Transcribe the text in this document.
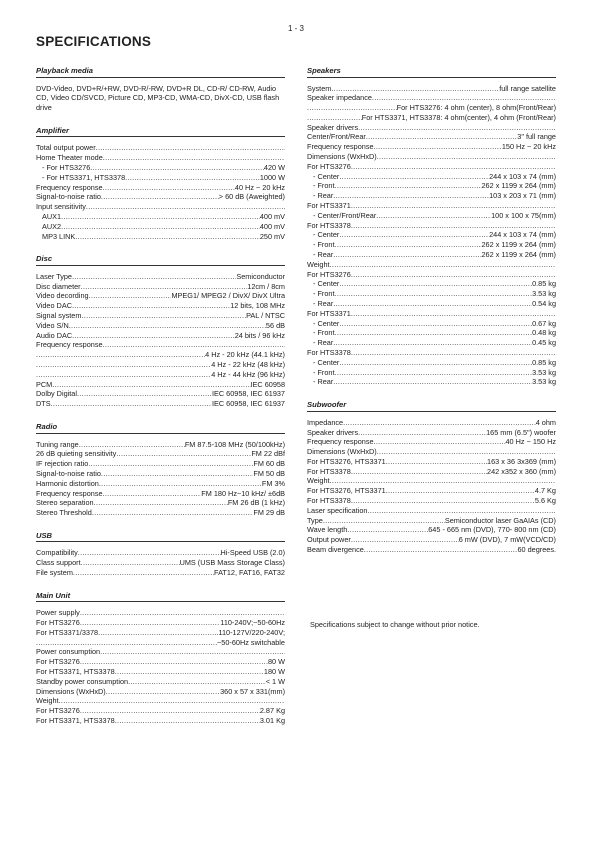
1 - 3
SPECIFICATIONS
Playback media
DVD-Video, DVD+R/+RW, DVD-R/-RW, DVD+R DL, CD-R/ CD-RW, Audio CD, Video CD/SVCD, Picture CD, MP3-CD, WMA-CD, DivX-CD, USB flash drive
Amplifier
Total output power
.....
Home Theater mode
.....
- For HTS3276 .....	420 W
- For HTS3371, HTS3378 .....	1000 W
Frequency response .....	40 Hz ~ 20 kHz
Signal-to-noise ratio .....	> 60 dB (Aweighted)
Input sensitivity
.....
AUX1 .....	400 mV
AUX2 .....	400 mV
MP3 LINK .....	250 mV
Disc
Laser Type .....	Semiconductor
Disc diameter .....	12cm / 8cm
Video decording .....	MPEG1/ MPEG2 / DivX/ DivX Ultra
Video DAC .....	12 bits, 108 MHz
Signal system .....	PAL / NTSC
Video S/N .....	56 dB
Audio DAC .....	24 bits / 96 kHz
Frequency response
.....
.....
4 Hz - 20 kHz (44.1 kHz)
.....
4 Hz - 22 kHz (48 kHz)
.....
4 Hz - 44 kHz (96 kHz)
PCM .....	IEC 60958
Dolby Digital .....	IEC 60958, IEC 61937
DTS .....	IEC 60958, IEC 61937
Radio
Tuning range .....	FM 87.5-108 MHz (50/100kHz)
26 dB quieting sensitivity .....	FM 22 dBf
IF rejection ratio .....	FM 60 dB
Signal-to-noise ratio .....	FM 50 dB
Harmonic distortion .....	FM 3%
Frequency response .....	FM 180 Hz~10 kHz/ ±6dB
Stereo separation .....	FM 26 dB (1 kHz)
Stereo Threshold .....	FM 29 dB
USB
Compatibility .....	Hi-Speed USB (2.0)
Class support .....	UMS (USB Mass Storage Class)
File system .....	FAT12, FAT16, FAT32
Main Unit
Power supply
.....
For HTS3276 .....	110-240V;~50-60Hz
For HTS3371/3378 .....	110-127V/220-240V;
.....
~50-60Hz switchable
Power consumption
.....
For HTS3276 .....	80 W
For HTS3371, HTS3378 .....	180 W
Standby power consumption .....	< 1 W
Dimensions (WxHxD) .....	360 x 57 x 331(mm)
Weight
.....
For HTS3276 .....	2.87 Kg
For HTS3371, HTS3378 .....	3.01 Kg
Speakers
System .....	full range satellite
Speaker impedance
.....
.....
For HTS3276: 4 ohm (center), 8 ohm(Front/Rear)
.....
For HTS3371, HTS3378: 4 ohm(center), 4 ohm (Front/Rear)
Speaker drivers
.....
Center/Front/Rear .....	3" full range
Frequency response .....	150 Hz ~ 20 kHz
Dimensions (WxHxD)
.....
For HTS3276
.....
- Center .....	244 x 103 x 74 (mm)
- Front .....	262 x 1199 x 264 (mm)
- Rear .....	103 x 203 x 71 (mm)
For HTS3371
.....
- Center/Front/Rear .....	100 x 100 x 75(mm)
For HTS3378
.....
- Center .....	244 x 103 x 74 (mm)
- Front .....	262 x 1199 x 264 (mm)
- Rear .....	262 x 1199 x 264 (mm)
Weight
.....
For HTS3276
.....
- Center .....	0.85 kg
- Front .....	3.53 kg
- Rear .....	0.54 kg
For HTS3371
.....
- Center .....	0.67 kg
- Front .....	0.48 kg
- Rear .....	0.45 kg
For HTS3378
.....
- Center .....	0.85 kg
- Front .....	3.53 kg
- Rear .....	3.53 kg
Subwoofer
Impedance .....	4 ohm
Speaker drivers .....	165 mm (6.5") woofer
Frequency response .....	40 Hz ~ 150 Hz
Dimensions (WxHxD)
.....
For HTS3276, HTS3371 .....	163 x 36 3x369 (mm)
For HTS3378 .....	242 x352 x 360 (mm)
Weight
.....
For HTS3276, HTS3371 .....	4.7 Kg
For HTS3378 .....	5.6 Kg
Laser specification
.....
Type .....	Semiconductor laser GaAIAs (CD)
Wave length .....	645 - 665 nm (DVD), 770- 800 nm (CD)
Output power .....	6 mW (DVD), 7 mW(VCD/CD)
Beam divergence .....	60 degrees.
Specifications subject to change without prior notice.
